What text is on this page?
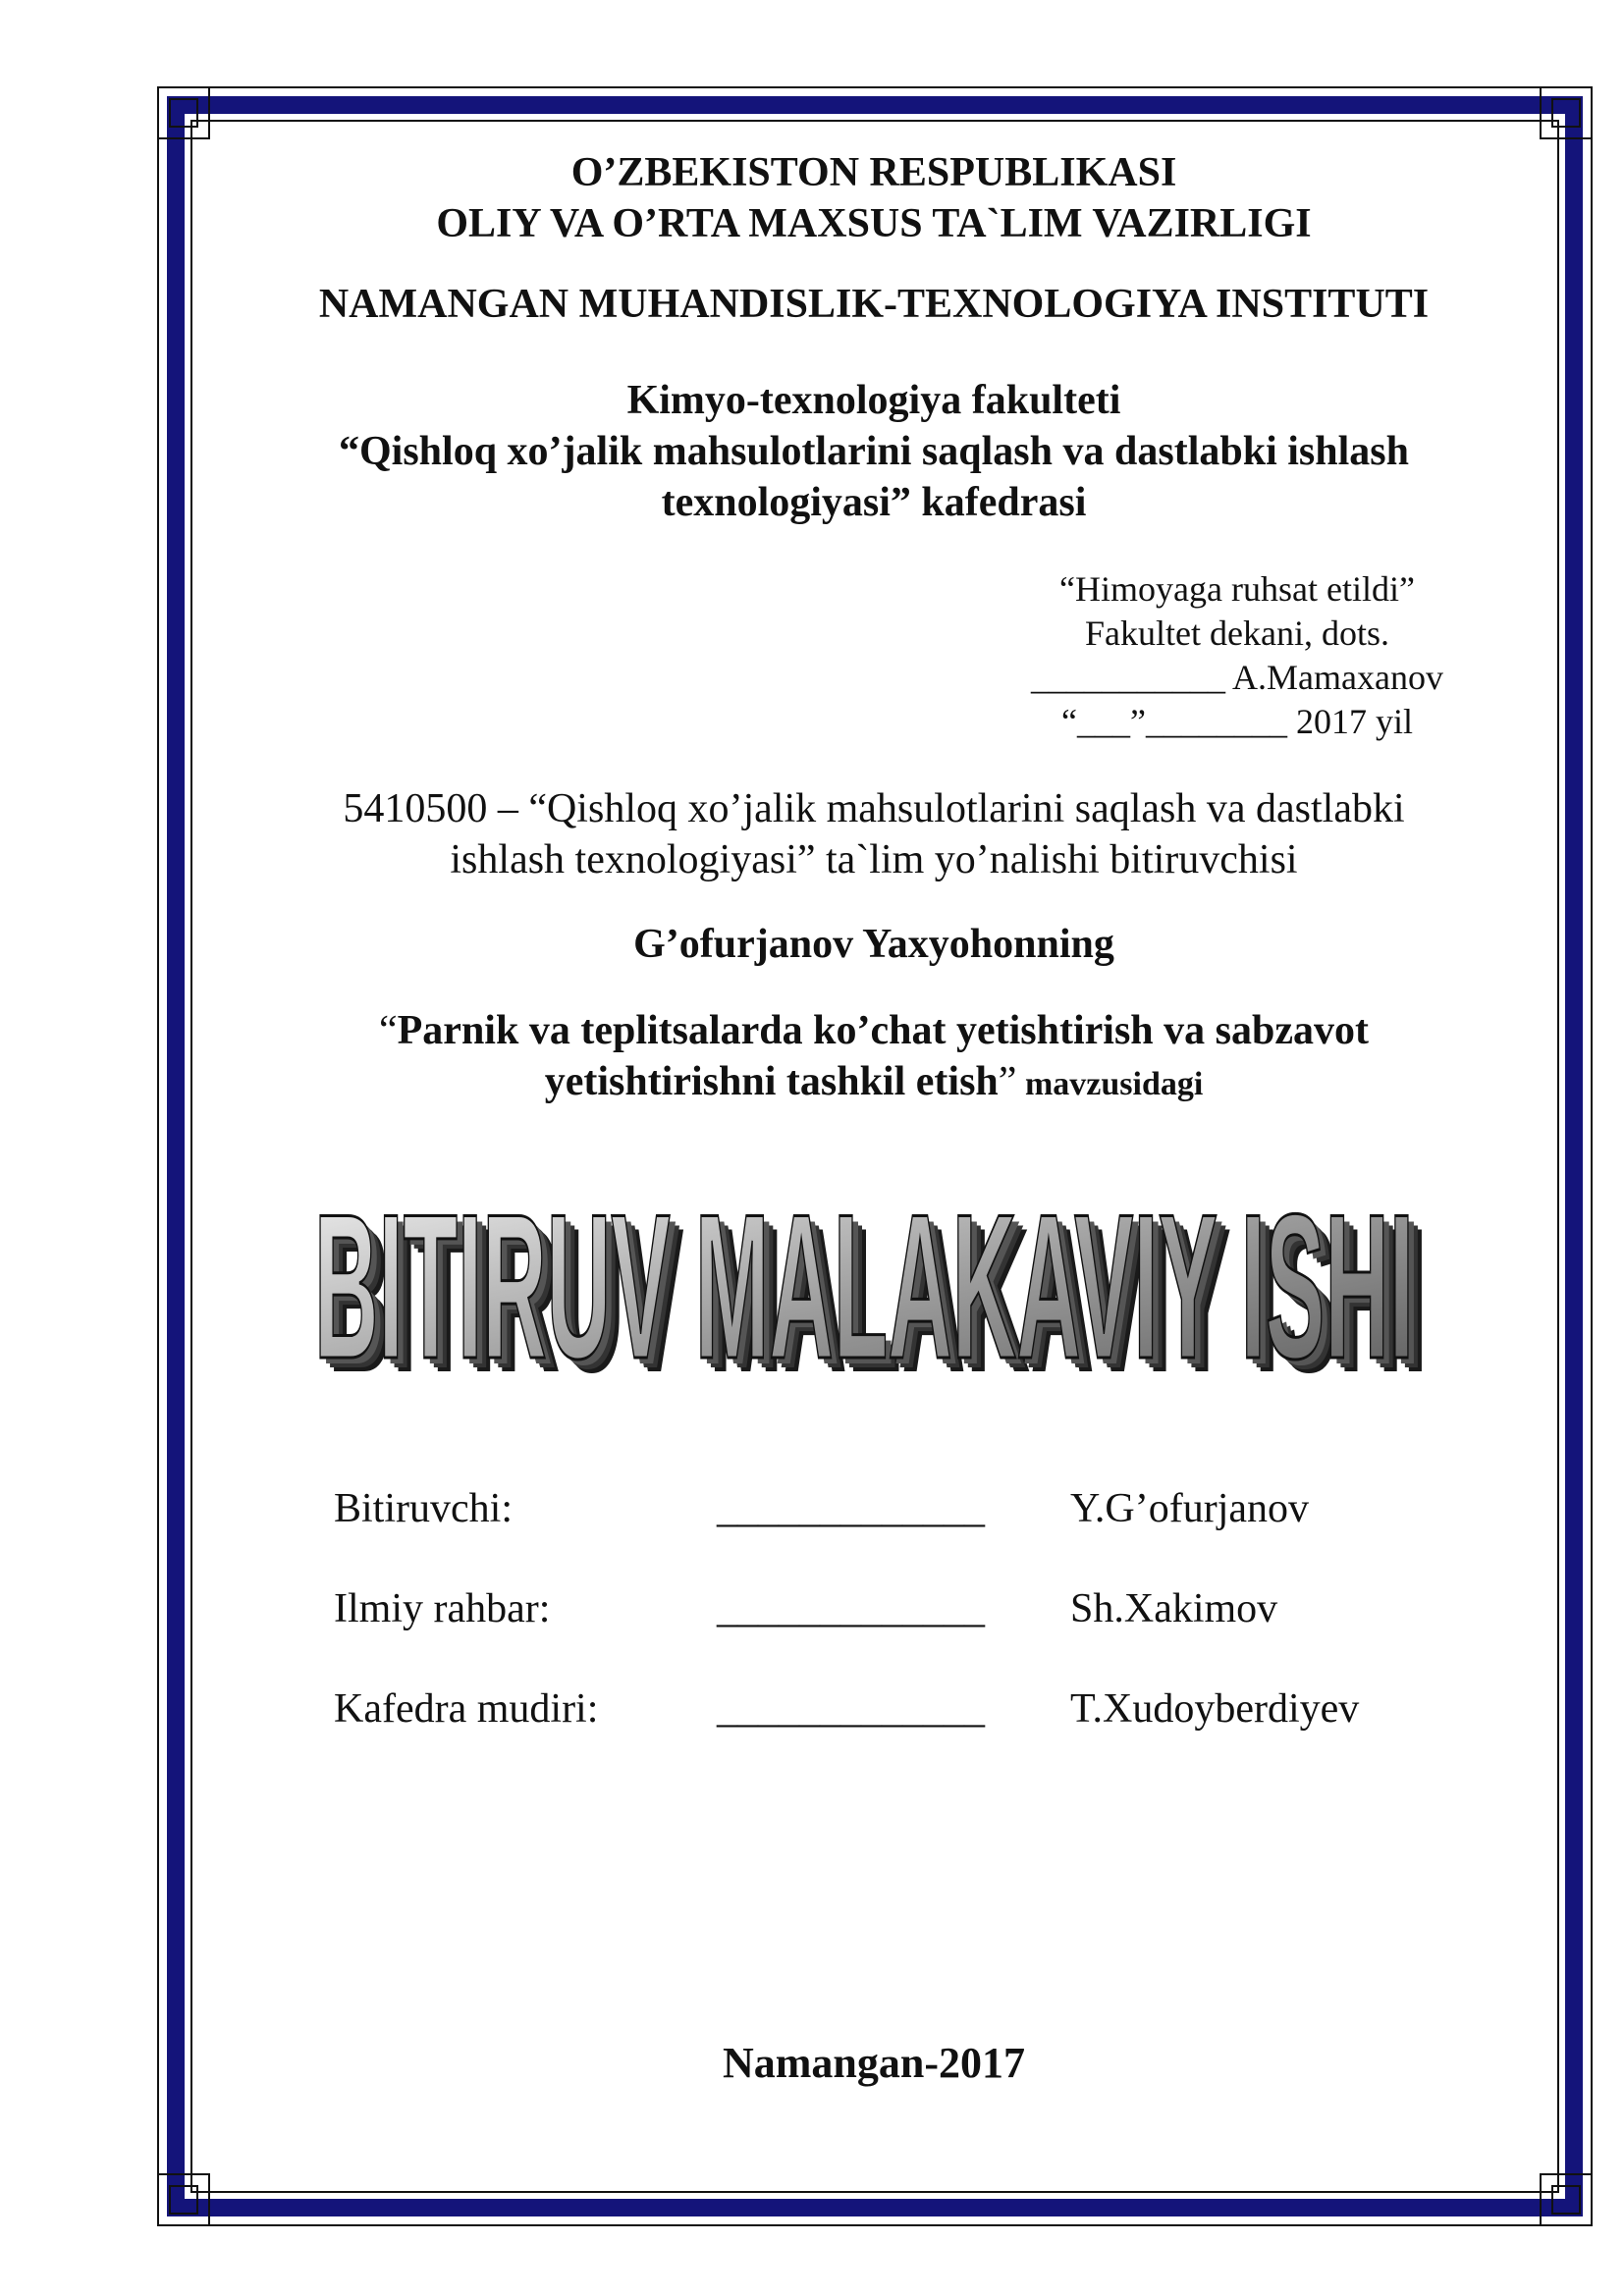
O’ZBEKISTON RESPUBLIKASI

OLIY VA O’RTA MAXSUS TA`LIM VAZIRLIGI

NAMANGAN MUHANDISLIK-TEXNOLOGIYA INSTITUTI

Kimyo-texnologiya fakulteti

“Qishloq xo’jalik mahsulotlarini saqlash va dastlabki ishlash

texnologiyasi” kafedrasi

“Himoyaga ruhsat etildi”
Fakultet dekani, dots.
___________ A.Mamaxanov
“___”________ 2017 yil
5410500 – “Qishloq xo’jalik mahsulotlarini saqlash va dastlabki
ishlash texnologiyasi” ta`lim yo’nalishi bitiruvchisi
G’ofurjanov Yaxyohonning
“Parnik va teplitsalarda ko’chat yetishtirish va sabzavot
yetishtirishni tashkil etish” mavzusidagi
BITIRUV MALAKAVIY ISHI
BITIRUV MALAKAVIY ISHI
BITIRUV MALAKAVIY ISHI
BITIRUV MALAKAVIY ISHI
Bitiruvchi:	_____________	Y.G’ofurjanov
Ilmiy rahbar:	_____________	Sh.Xakimov
Kafedra mudiri:	_____________	T.Xudoyberdiyev
Namangan-2017
